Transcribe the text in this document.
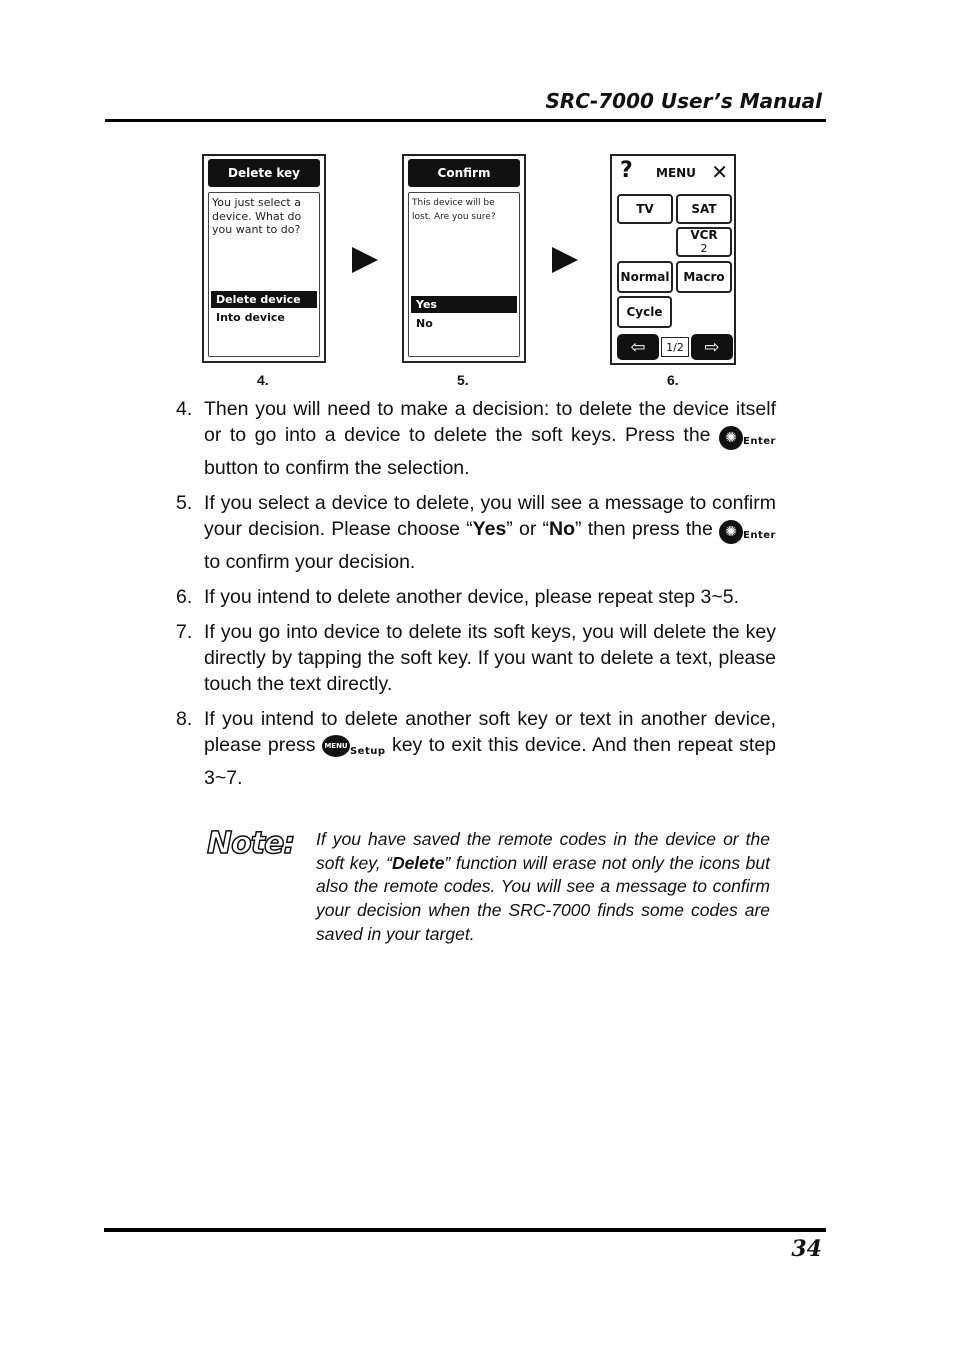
SRC-7000 User’s Manual
Delete key
You just select a device. What do you want to do?
Delete device
Into device
Confirm
This device will be lost. Are you sure?
Yes
No
? MENU ✕
TV	SAT
VCR
2
Normal	Macro
Cycle
⇦	1/2 ⇨
4.	5.	6.
4. Then you will need to make a decision: to delete the device itself or to go into a device to delete the soft keys. Press the ✺ Enter button to confirm the selection.
5. If you select a device to delete, you will see a message to confirm your decision. Please choose “Yes” or “No” then press the ✺ Enter to confirm your decision.
6. If you intend to delete another device, please repeat step 3~5.
7. If you go into device to delete its soft keys, you will delete the key directly by tapping the soft key. If you want to delete a text, please touch the text directly.
8. If you intend to delete another soft key or text in another device, please press MENU Setup key to exit this device. And then repeat step 3~7.
Note: If you have saved the remote codes in the device or the soft key, “Delete” function will erase not only the icons but also the remote codes. You will see a message to confirm your decision when the SRC-7000 finds some codes are saved in your target.
34
